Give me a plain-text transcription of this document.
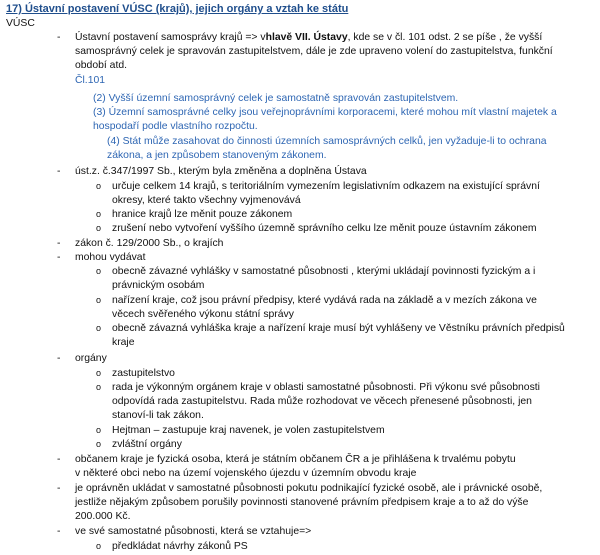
17) Ústavní postavení VÚSC (krajů), jejich orgány a vztah ke státu
VÚSC
- Ústavní postavení samosprávy krajů => vhlavě VII. Ústavy, kde se v čl. 101 odst. 2 se píše , že vyšší
samosprávný celek je spravován zastupitelstvem, dále je zde upraveno volení do zastupitelstva, funkční
období atd.
Čl.101
(2) Vyšší územní samosprávný celek je samostatně spravován zastupitelstvem.
(3) Územní samosprávné celky jsou veřejnoprávními korporacemi, které mohou mít vlastní majetek a
hospodaří podle vlastního rozpočtu.
(4) Stát může zasahovat do činnosti územních samosprávných celků, jen vyžaduje-li to ochrana
zákona, a jen způsobem stanoveným zákonem.
- úst.z. č.347/1997 Sb., kterým byla změněna a doplněna Ústava
o určuje celkem 14 krajů, s teritoriálním vymezením legislativním odkazem na existující správní
okresy, které takto všechny vyjmenovává
o hranice krajů lze měnit pouze zákonem
o zrušení nebo vytvoření vyššího územně správního celku lze měnit pouze ústavním zákonem
- zákon č. 129/2000 Sb., o krajích
- mohou vydávat
o obecně závazné vyhlášky v samostatné působnosti , kterými ukládají povinnosti fyzickým a i
právnickým osobám
o nařízení kraje, což jsou právní předpisy, které vydává rada na základě a v mezích zákona ve
věcech svěřeného výkonu státní správy
o obecně závazná vyhláška kraje a nařízení kraje musí být vyhlášeny ve Věstníku právních předpisů
kraje
- orgány
o zastupitelstvo
o rada je výkonným orgánem kraje v oblasti samostatné působnosti. Při výkonu své působnosti
odpovídá rada zastupitelstvu. Rada může rozhodovat ve věcech přenesené působnosti, jen
stanoví-li tak zákon.
o Hejtman – zastupuje kraj navenek, je volen zastupitelstvem
o zvláštní orgány
- občanem kraje je fyzická osoba, která je státním občanem ČR a je přihlášena k trvalému pobytu
v některé obci nebo na území vojenského újezdu v územním obvodu kraje
- je oprávněn ukládat v samostatné působnosti pokutu podnikající fyzické osobě, ale i právnické osobě,
jestliže nějakým způsobem porušily povinnosti stanovené právním předpisem kraje a to až do výše
200.000 Kč.
- ve své samostatné působnosti, která se vztahuje=>
o předkládat návrhy zákonů PS
